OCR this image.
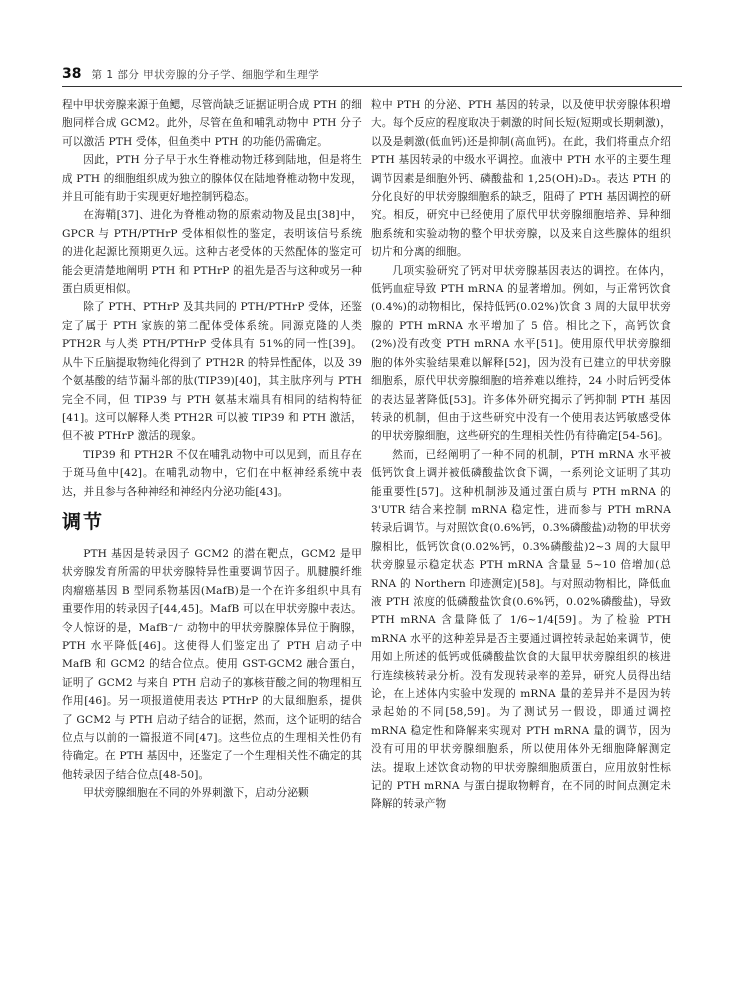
38 第 1 部分 甲状旁腺的分子学、细胞学和生理学

程中甲状旁腺来源于鱼鳃，尽管尚缺乏证据证明合成 PTH 的细胞同样合成 GCM2。此外，尽管在鱼和哺乳动物中 PTH 分子可以激活 PTH 受体，但鱼类中 PTH 的功能仍需确定。

因此，PTH 分子早于水生脊椎动物迁移到陆地，但是将生成 PTH 的细胞组织成为独立的腺体仅在陆地脊椎动物中发现，并且可能有助于实现更好地控制钙稳态。

在海鞘[37]、进化为脊椎动物的原索动物及昆虫[38]中，GPCR 与 PTH/PTHrP 受体相似性的鉴定，表明该信号系统的进化起源比预期更久远。这种古老受体的天然配体的鉴定可能会更清楚地阐明 PTH 和 PTHrP 的祖先是否与这种或另一种蛋白质更相似。

除了 PTH、PTHrP 及其共同的 PTH/PTHrP 受体，还鉴定了属于 PTH 家族的第二配体受体系统。同源克隆的人类 PTH2R 与人类 PTH/PTHrP 受体具有 51%的同一性[39]。从牛下丘脑提取物纯化得到了 PTH2R 的特异性配体，以及 39 个氨基酸的结节漏斗部的肽(TIP39)[40]，其主肽序列与 PTH 完全不同，但 TIP39 与 PTH 氨基末端具有相同的结构特征[41]。这可以解释人类 PTH2R 可以被 TIP39 和 PTH 激活，但不被 PTHrP 激活的现象。

TIP39 和 PTH2R 不仅在哺乳动物中可以见到，而且存在于斑马鱼中[42]。在哺乳动物中，它们在中枢神经系统中表达，并且参与各种神经和神经内分泌功能[43]。

调节

PTH 基因是转录因子 GCM2 的潜在靶点，GCM2 是甲状旁腺发育所需的甲状旁腺特异性重要调节因子。肌腱膜纤维肉瘤癌基因 B 型同系物基因(MafB)是一个在许多组织中具有重要作用的转录因子[44,45]。MafB 可以在甲状旁腺中表达。令人惊讶的是，MafB⁻/⁻ 动物中的甲状旁腺腺体异位于胸腺，PTH 水平降低[46]。这使得人们鉴定出了 PTH 启动子中 MafB 和 GCM2 的结合位点。使用 GST-GCM2 融合蛋白，证明了 GCM2 与来自 PTH 启动子的寡核苷酸之间的物理相互作用[46]。另一项报道使用表达 PTHrP 的大鼠细胞系，提供了 GCM2 与 PTH 启动子结合的证据，然而，这个证明的结合位点与以前的一篇报道不同[47]。这些位点的生理相关性仍有待确定。在 PTH 基因中，还鉴定了一个生理相关性不确定的其他转录因子结合位点[48-50]。

甲状旁腺细胞在不同的外界刺激下，启动分泌颗

粒中 PTH 的分泌、PTH 基因的转录，以及使甲状旁腺体积增大。每个反应的程度取决于刺激的时间长短(短期或长期刺激)，以及是刺激(低血钙)还是抑制(高血钙)。在此，我们将重点介绍 PTH 基因转录的中级水平调控。血液中 PTH 水平的主要生理调节因素是细胞外钙、磷酸盐和 1,25(OH)₂D₃。表达 PTH 的分化良好的甲状旁腺细胞系的缺乏，阻碍了 PTH 基因调控的研究。相反，研究中已经使用了原代甲状旁腺细胞培养、异种细胞系统和实验动物的整个甲状旁腺，以及来自这些腺体的组织切片和分离的细胞。

几项实验研究了钙对甲状旁腺基因表达的调控。在体内，低钙血症导致 PTH mRNA 的显著增加。例如，与正常钙饮食(0.4%)的动物相比，保持低钙(0.02%)饮食 3 周的大鼠甲状旁腺的 PTH mRNA 水平增加了 5 倍。相比之下，高钙饮食(2%)没有改变 PTH mRNA 水平[51]。使用原代甲状旁腺细胞的体外实验结果难以解释[52]，因为没有已建立的甲状旁腺细胞系，原代甲状旁腺细胞的培养难以维持，24 小时后钙受体的表达显著降低[53]。许多体外研究揭示了钙抑制 PTH 基因转录的机制，但由于这些研究中没有一个使用表达钙敏感受体的甲状旁腺细胞，这些研究的生理相关性仍有待确定[54-56]。

然而，已经阐明了一种不同的机制，PTH mRNA 水平被低钙饮食上调并被低磷酸盐饮食下调，一系列论文证明了其功能重要性[57]。这种机制涉及通过蛋白质与 PTH mRNA 的 3'UTR 结合来控制 mRNA 稳定性，进而参与 PTH mRNA 转录后调节。与对照饮食(0.6%钙，0.3%磷酸盐)动物的甲状旁腺相比，低钙饮食(0.02%钙，0.3%磷酸盐)2~3 周的大鼠甲状旁腺显示稳定状态 PTH mRNA 含量显 5~10 倍增加(总 RNA 的 Northern 印迹测定)[58]。与对照动物相比，降低血液 PTH 浓度的低磷酸盐饮食(0.6%钙，0.02%磷酸盐)，导致 PTH mRNA 含量降低了 1/6~1/4[59]。为了检验 PTH mRNA 水平的这种差异是否主要通过调控转录起始来调节，使用如上所述的低钙或低磷酸盐饮食的大鼠甲状旁腺组织的核进行连续核转录分析。没有发现转录率的差异，研究人员得出结论，在上述体内实验中发现的 mRNA 量的差异并不是因为转录起始的不同[58,59]。为了测试另一假设，即通过调控 mRNA 稳定性和降解来实现对 PTH mRNA 量的调节，因为没有可用的甲状旁腺细胞系，所以使用体外无细胞降解测定法。提取上述饮食动物的甲状旁腺细胞质蛋白，应用放射性标记的 PTH mRNA 与蛋白提取物孵育，在不同的时间点测定未降解的转录产物
